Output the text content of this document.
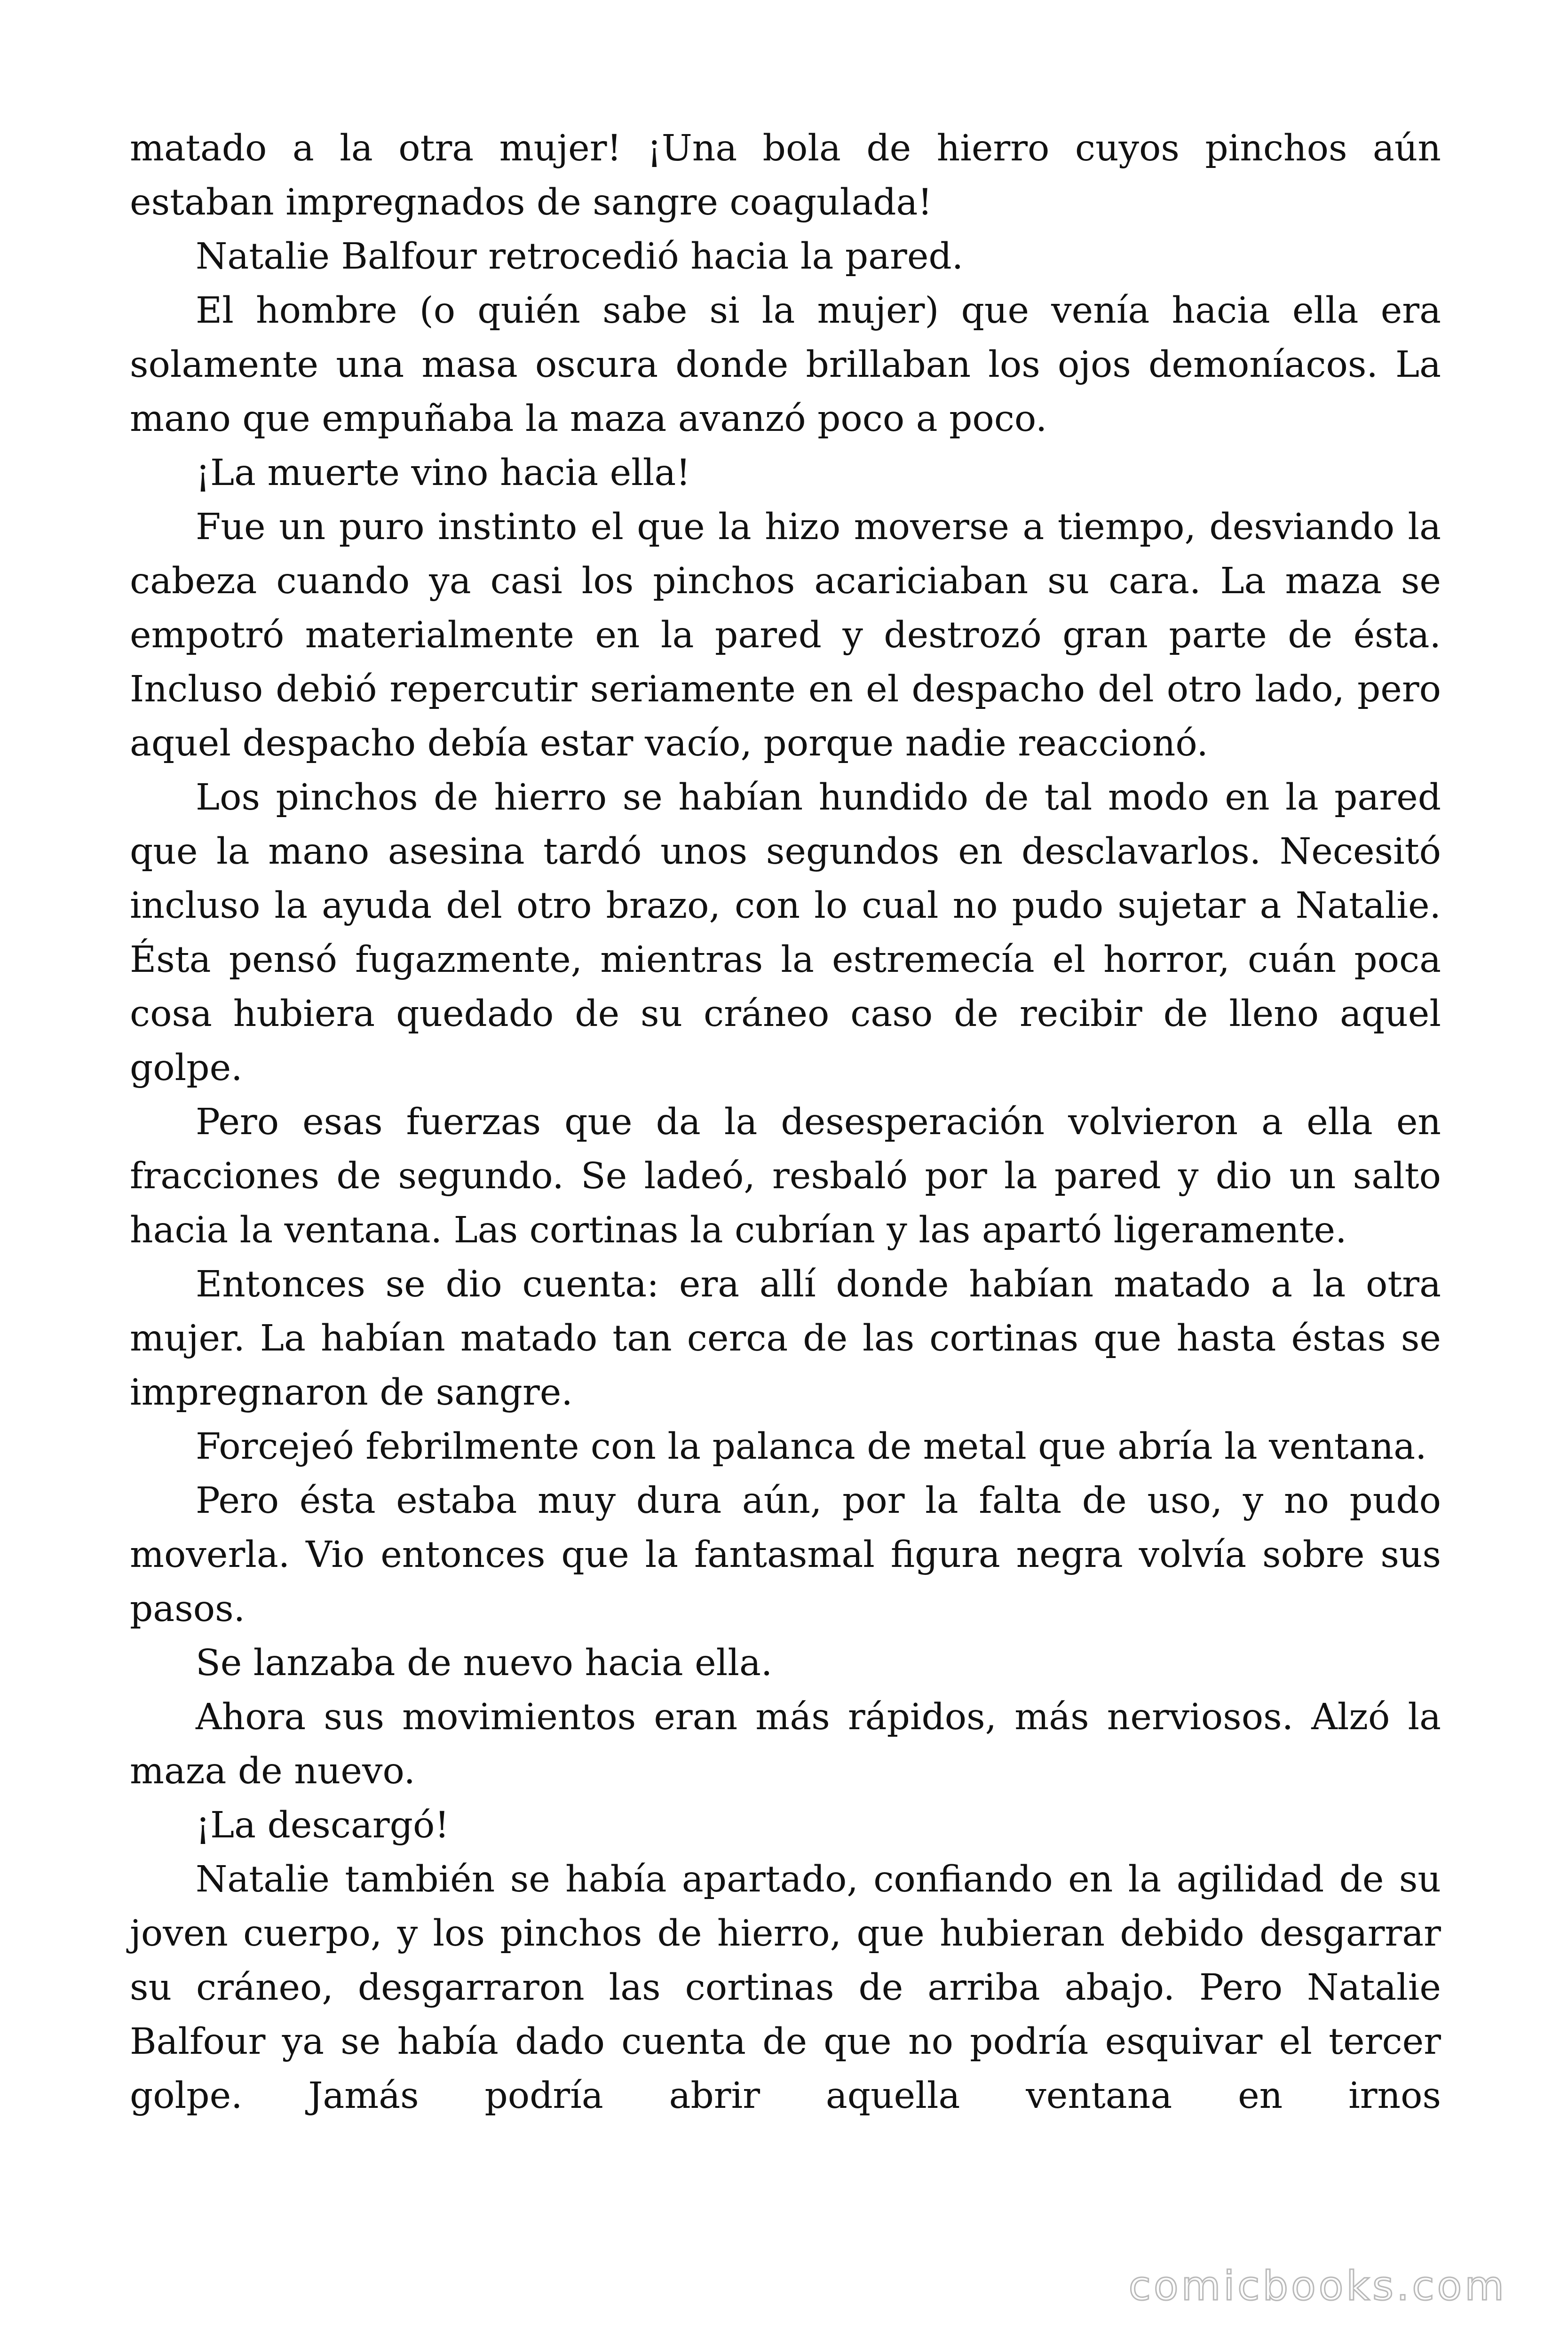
matado a la otra mujer! ¡Una bola de hierro cuyos pinchos aún estaban impregnados de sangre coagulada!

Natalie Balfour retrocedió hacia la pared.

El hombre (o quién sabe si la mujer) que venía hacia ella era solamente una masa oscura donde brillaban los ojos demoníacos. La mano que empuñaba la maza avanzó poco a poco.

¡La muerte vino hacia ella!

Fue un puro instinto el que la hizo moverse a tiempo, desviando la cabeza cuando ya casi los pinchos acariciaban su cara. La maza se empotró materialmente en la pared y destrozó gran parte de ésta. Incluso debió repercutir seriamente en el despacho del otro lado, pero aquel despacho debía estar vacío, porque nadie reaccionó.

Los pinchos de hierro se habían hundido de tal modo en la pared que la mano asesina tardó unos segundos en desclavarlos. Necesitó incluso la ayuda del otro brazo, con lo cual no pudo sujetar a Natalie. Ésta pensó fugazmente, mientras la estremecía el horror, cuán poca cosa hubiera quedado de su cráneo caso de recibir de lleno aquel golpe.

Pero esas fuerzas que da la desesperación volvieron a ella en fracciones de segundo. Se ladeó, resbaló por la pared y dio un salto hacia la ventana. Las cortinas la cubrían y las apartó ligeramente.

Entonces se dio cuenta: era allí donde habían matado a la otra mujer. La habían matado tan cerca de las cortinas que hasta éstas se impregnaron de sangre.

Forcejeó febrilmente con la palanca de metal que abría la ventana.

Pero ésta estaba muy dura aún, por la falta de uso, y no pudo moverla. Vio entonces que la fantasmal figura negra volvía sobre sus pasos.

Se lanzaba de nuevo hacia ella.

Ahora sus movimientos eran más rápidos, más nerviosos. Alzó la maza de nuevo.

¡La descargó!

Natalie también se había apartado, confiando en la agilidad de su joven cuerpo, y los pinchos de hierro, que hubieran debido desgarrar su cráneo, desgarraron las cortinas de arriba abajo. Pero Natalie Balfour ya se había dado cuenta de que no podría esquivar el tercer golpe. Jamás podría abrir aquella ventana en irnos

comicbooks.com
